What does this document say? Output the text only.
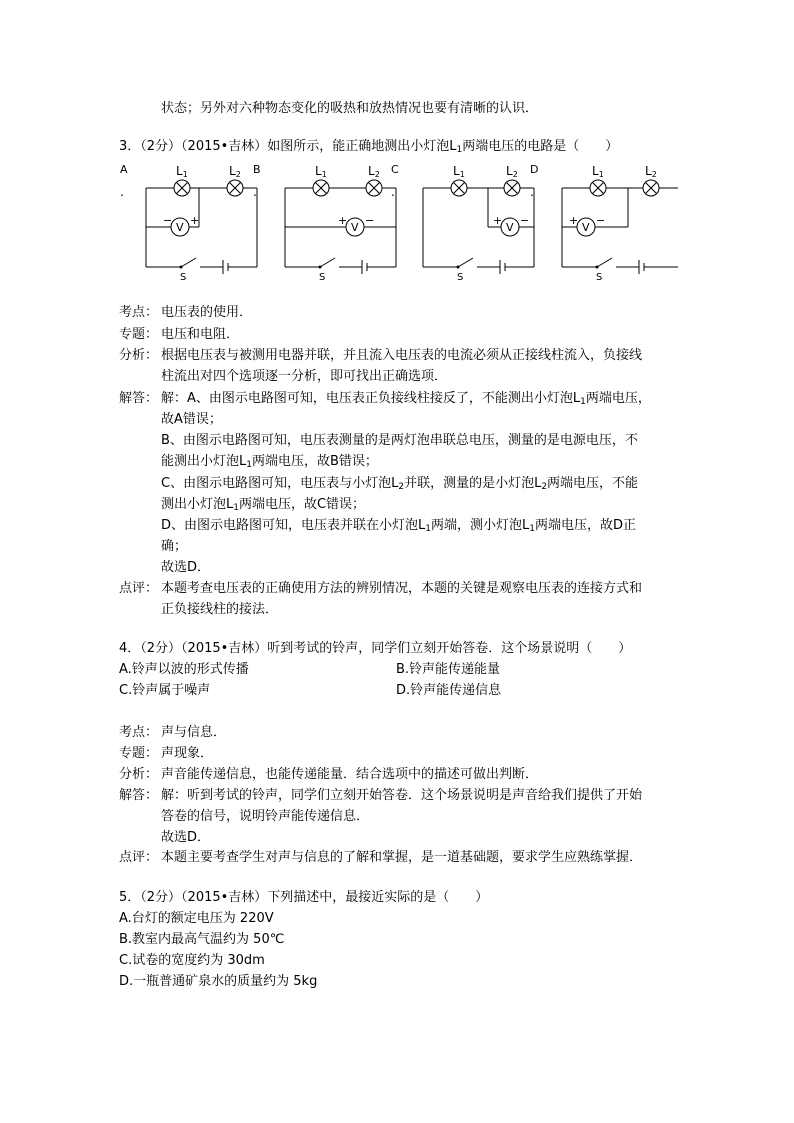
状态；另外对六种物态变化的吸热和放热情况也要有清晰的认识．
3．（2分）（2015•吉林）如图所示，能正确地测出小灯泡$L_1$两端电压的电路是（　　）
A
.
S
L1	L2
V
− +
B
.
S
L1	L2
V
+ −
C
.
S
L1	L2
V
+ −
D
.
S
L1	L2
V
+ −
考点： 电压表的使用．
专题： 电压和电阻．
分析： 根据电压表与被测用电器并联，并且流入电压表的电流必须从正接线柱流入，负接线
柱流出对四个选项逐一分析，即可找出正确选项．
解答： 解：A、由图示电路图可知，电压表正负接线柱接反了，不能测出小灯泡$L_1$两端电压，
故A错误；
B、由图示电路图可知，电压表测量的是两灯泡串联总电压，测量的是电源电压，不
能测出小灯泡$L_1$两端电压，故B错误；
C、由图示电路图可知，电压表与小灯泡$L_2$并联，测量的是小灯泡$L_2$两端电压，不能
测出小灯泡$L_1$两端电压，故C错误；
D、由图示电路图可知，电压表并联在小灯泡$L_1$两端，测小灯泡$L_1$两端电压，故D正
确；
故选D．
点评： 本题考查电压表的正确使用方法的辨别情况，本题的关键是观察电压表的连接方式和
正负接线柱的接法．
4．（2分）（2015•吉林）听到考试的铃声，同学们立刻开始答卷．这个场景说明（　　）
A.铃声以波的形式传播	B.铃声能传递能量
C.铃声属于噪声	D.铃声能传递信息
考点： 声与信息．
专题： 声现象．
分析： 声音能传递信息，也能传递能量．结合选项中的描述可做出判断．
解答： 解：听到考试的铃声，同学们立刻开始答卷．这个场景说明是声音给我们提供了开始
答卷的信号，说明铃声能传递信息．
故选D．
点评： 本题主要考查学生对声与信息的了解和掌握，是一道基础题，要求学生应熟练掌握．
5．（2分）（2015•吉林）下列描述中，最接近实际的是（　　）
A.台灯的额定电压为 220V
B.教室内最高气温约为 50℃
C.试卷的宽度约为 30dm
D.一瓶普通矿泉水的质量约为 5kg
